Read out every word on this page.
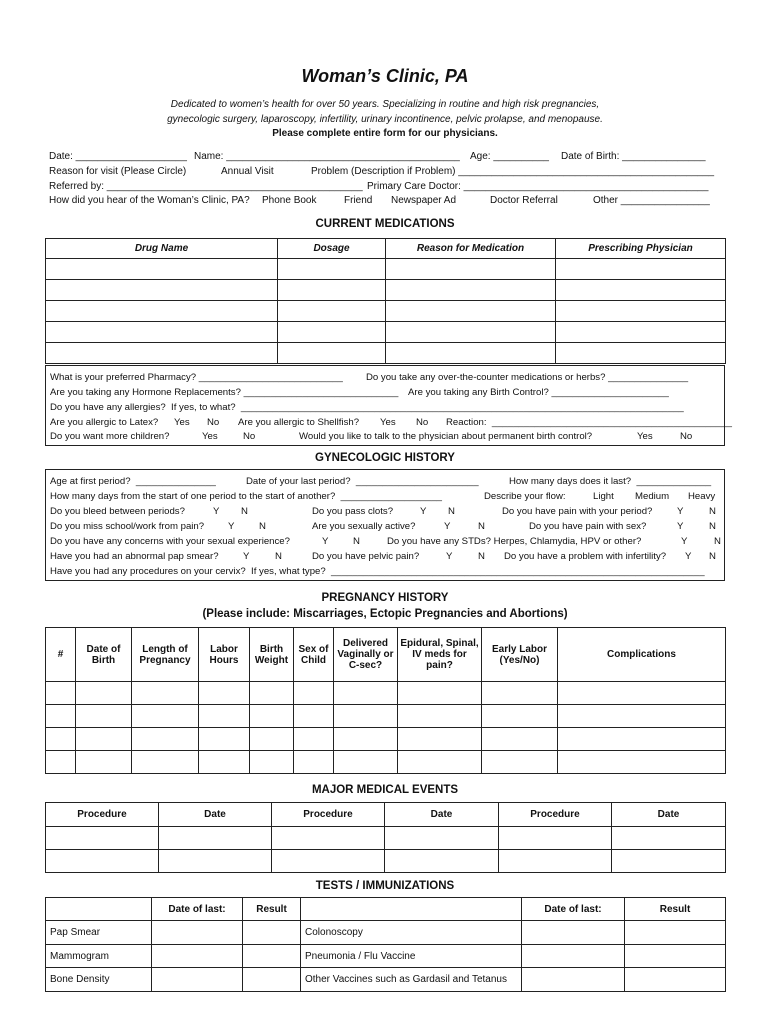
Woman’s Clinic, PA
Dedicated to women’s health for over 50 years. Specializing in routine and high risk pregnancies,
gynecologic surgery, laparoscopy, infertility, urinary incontinence, pelvic prolapse, and menopause.
Please complete entire form for our physicians.

Date: ____________________

Name: __________________________________________

Age: __________

Date of Birth: _______________

Reason for visit (Please Circle)

	Annual Visit

	Problem (Description if Problem) ______________________________________________

Referred by: ______________________________________________

Primary Care Doctor: ____________________________________________

How did you hear of the Woman’s Clinic, PA?

Phone Book

	Friend

Newspaper Ad

	Doctor Referral

	Other ________________

CURRENT MEDICATIONS
Drug Name	Dosage	Reason for Medication	Prescribing Physician

What is your preferred Pharmacy? ___________________________

Do you take any over-the-counter medications or herbs? _______________

Are you taking any Hormone Replacements? _____________________________

Are you taking any Birth Control? ______________________

Do you have any allergies?  If yes, to what?  ___________________________________________________________________________________

Are you allergic to Latex?

Yes

No

Are you allergic to Shellfish?

Yes

No

Reaction:  _____________________________________________

Do you want more children?

	Yes

	No

	Would you like to talk to the physician about permanent birth control?

	Yes

	No

GYNECOLOGIC HISTORY

Age at first period?  _______________

	Date of your last period?  _______________________

	How many days does it last?  ______________

How many days from the start of one period to the start of another?  ___________________

	Describe your flow:

	Light

Medium

Heavy

Do you bleed between periods?

	Y

N

	Do you pass clots?

	Y

N

	Do you have pain with your period?

	Y

	N

Do you miss school/work from pain?

Y

	N

	Are you sexually active?

	Y

	N

	Do you have pain with sex?

	Y

	N

Do you have any concerns with your sexual experience?

	Y

	N

	Do you have any STDs? Herpes, Chlamydia, HPV or other?

	Y

	N

Have you had an abnormal pap smear?

	Y

	N

	Do you have pelvic pain?

	Y

	N

Do you have a problem with infertility?

Y

N

Have you had any procedures on your cervix?  If yes, what type?  ______________________________________________________________________

PREGNANCY HISTORY
(Please include: Miscarriages, Ectopic Pregnancies and Abortions)
#	Date of Birth	Length of Pregnancy	Labor Hours	Birth Weight	Sex of Child	Delivered Vaginally or C-sec?	Epidural, Spinal, IV meds for pain?	Early Labor (Yes/No)	Complications

MAJOR MEDICAL EVENTS
Procedure	Date	Procedure	Date	Procedure	Date

TESTS / IMMUNIZATIONS
	Date of last:	Result		Date of last:	Result
Pap Smear			Colonoscopy		
Mammogram			Pneumonia / Flu Vaccine		
Bone Density			Other Vaccines such as Gardasil and Tetanus		
